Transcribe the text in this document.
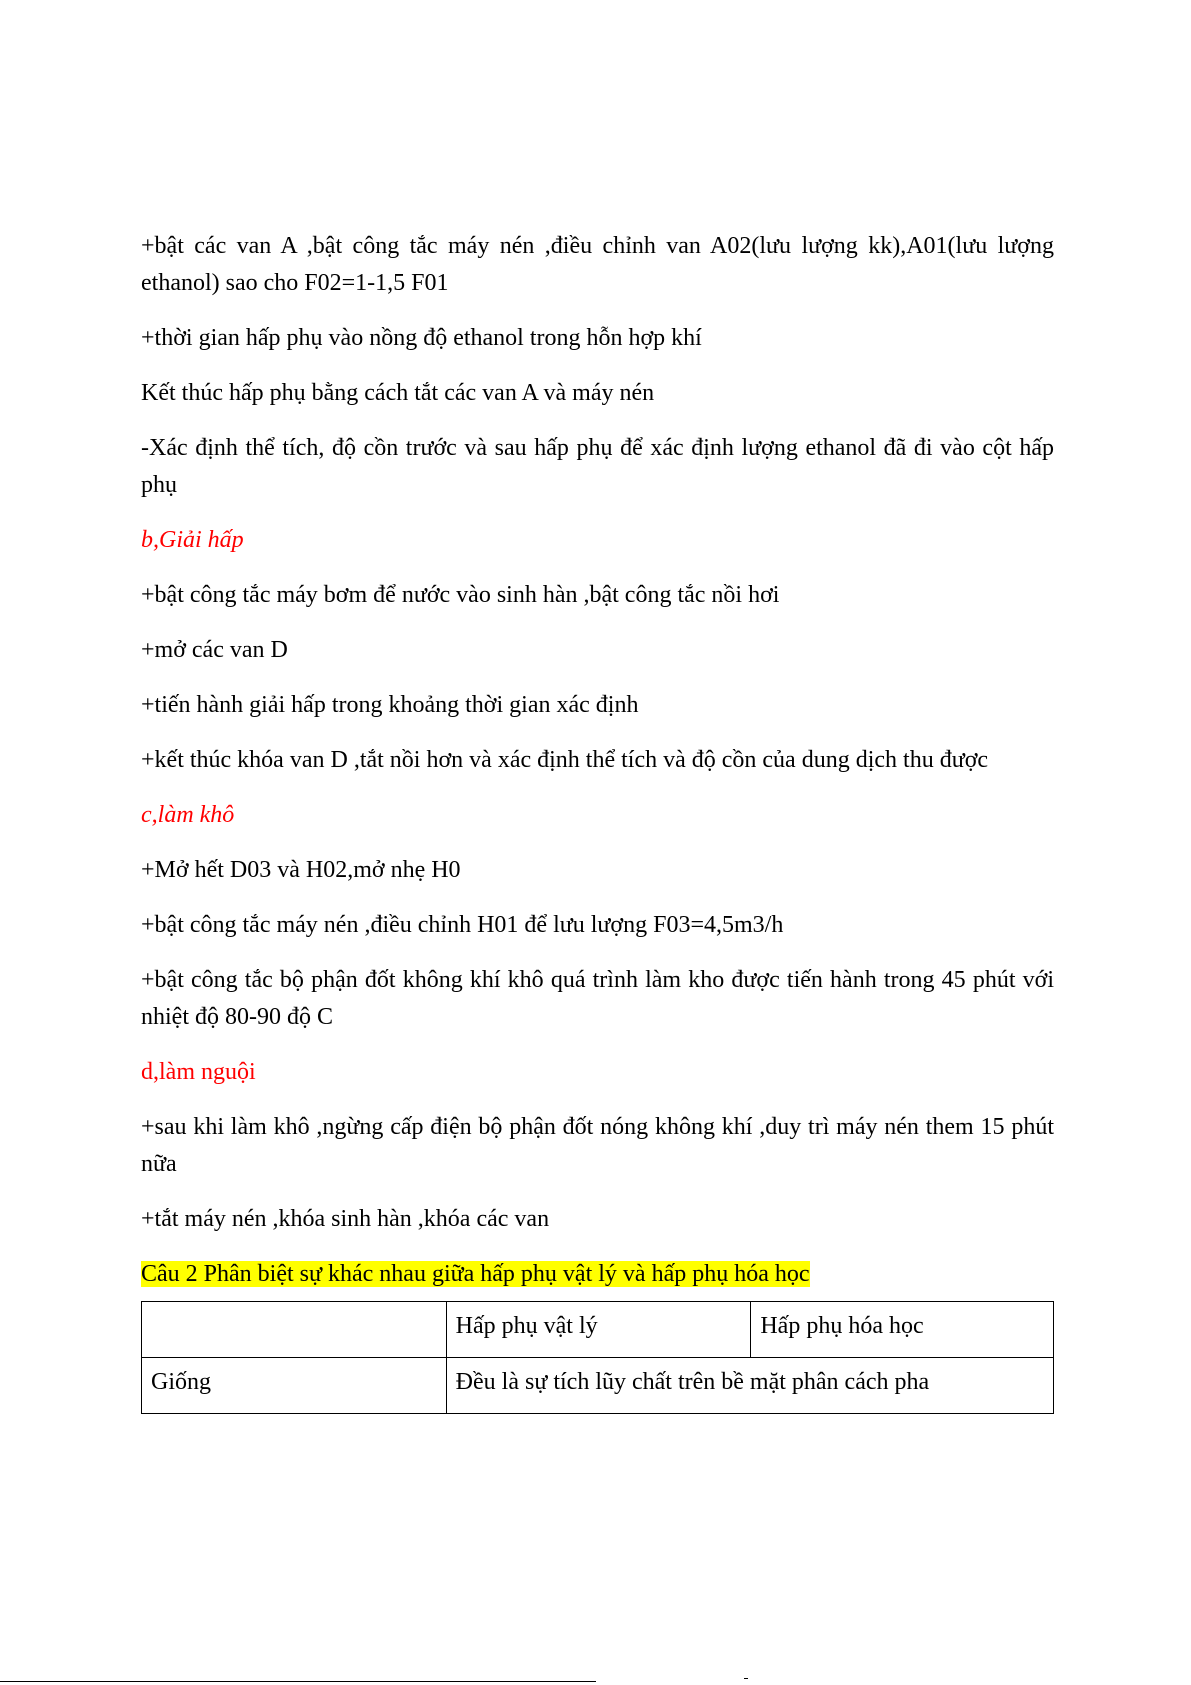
+bật các van A ,bật công tắc máy nén ,điều chỉnh van A02(lưu lượng kk),A01(lưu lượng ethanol) sao cho F02=1-1,5 F01

+thời gian hấp phụ vào nồng độ ethanol trong hỗn hợp khí

Kết thúc hấp phụ bằng cách tắt các van A và máy nén

-Xác định thể tích, độ cồn trước và sau hấp phụ để xác định lượng ethanol đã đi vào cột hấp phụ

b,Giải hấp

+bật công tắc máy bơm để nước vào sinh hàn ,bật công tắc nồi hơi

+mở các van D

+tiến hành giải hấp trong khoảng thời gian xác định

+kết thúc khóa van D ,tắt nồi hơn và xác định thể tích và độ cồn của dung dịch thu được

c,làm khô

+Mở hết D03 và H02,mở nhẹ H0

+bật công tắc máy nén ,điều chỉnh H01 để lưu lượng F03=4,5m3/h

+bật công tắc bộ phận đốt không khí khô quá trình làm kho được tiến hành trong 45 phút với nhiệt độ 80-90 độ C

d,làm nguội

+sau khi làm khô ,ngừng cấp điện bộ phận đốt nóng không khí ,duy trì máy nén them 15 phút nữa

+tắt máy nén ,khóa sinh hàn ,khóa các van

Câu 2 Phân biệt sự khác nhau giữa hấp phụ vật lý và hấp phụ hóa học

	Hấp phụ vật lý	Hấp phụ hóa học
Giống	Đều là sự tích lũy chất trên bề mặt phân cách pha	
